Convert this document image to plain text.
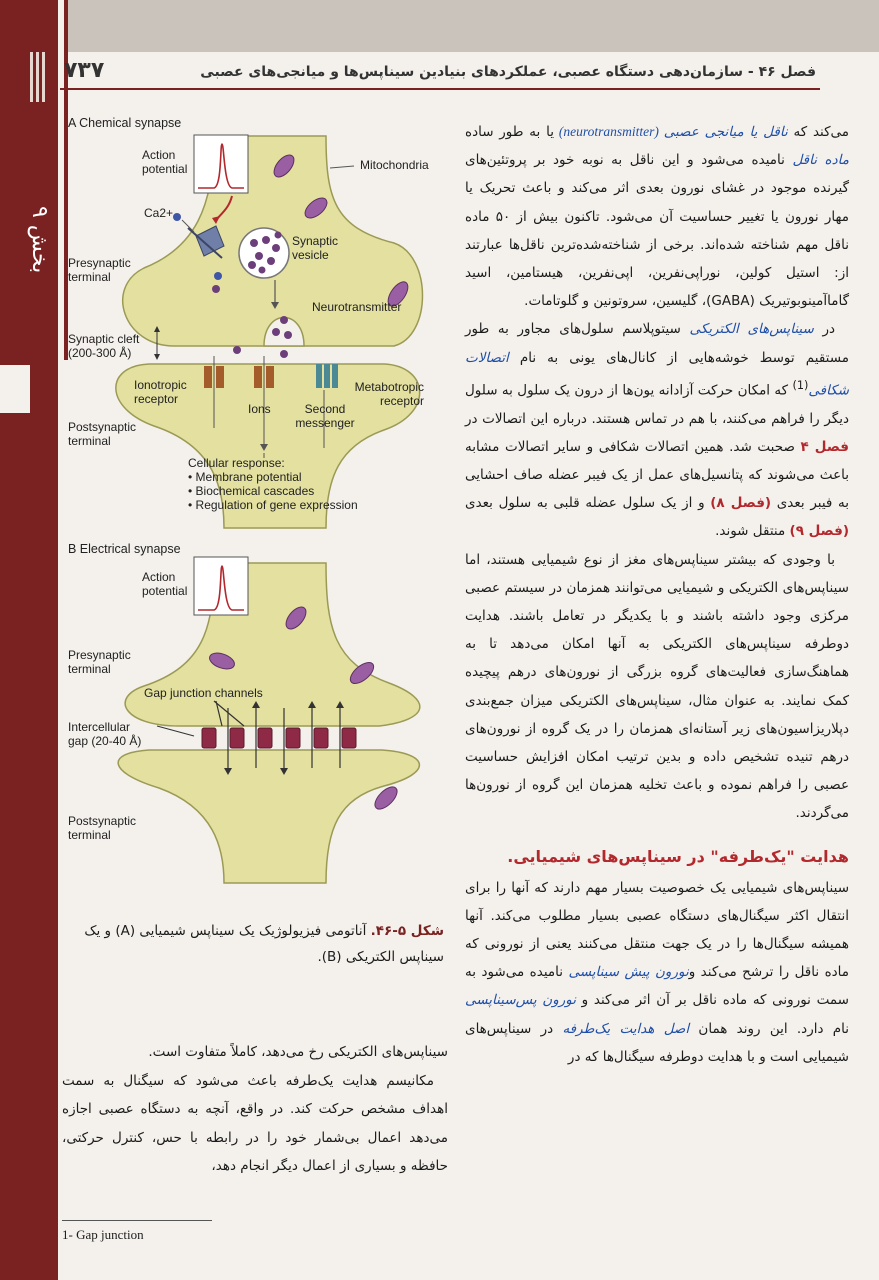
بخش ۹
۷۳۷	فصل ۴۶ - سازمان‌دهی دستگاه عصبی، عملکردهای بنیادین سیناپس‌ها و میانجی‌های عصبی
A Chemical synapse
Action potential
Ca2+
Mitochondria
Synaptic vesicle
Presynaptic terminal
Neurotransmitter
Synaptic cleft
(200-300 Å)
Ionotropic receptor
Metabotropic receptor
Ions	Second messenger
Postsynaptic terminal
Cellular response:
• Membrane potential
• Biochemical cascades
• Regulation of gene expression
B Electrical synapse
Action potential
Presynaptic terminal
Gap junction channels
Intercellular
gap (20-40 Å)
Postsynaptic terminal
شکل ۵-۴۶. آناتومی فیزیولوژیک یک سیناپس شیمیایی (A) و یک سیناپس الکتریکی (B).
سیناپس‌های الکتریکی رخ می‌دهد، کاملاً متفاوت است.
مکانیسم هدایت یک‌طرفه باعث می‌شود که سیگنال به سمت اهداف مشخص حرکت کند. در واقع، آنچه به دستگاه عصبی اجازه می‌دهد اعمال بی‌شمار خود را در رابطه با حس، کنترل حرکتی، حافظه و بسیاری از اعمال دیگر انجام دهد،
1- Gap junction

می‌کند که ناقل یا میانجی عصبی (neurotransmitter) یا به طور ساده ماده ناقل نامیده می‌شود و این ناقل به نوبه خود بر پروتئین‌های گیرنده موجود در غشای نورون بعدی اثر می‌کند و باعث تحریک یا مهار نورون یا تغییر حساسیت آن می‌شود. تاکنون بیش از ۵۰ ماده ناقل مهم شناخته شده‌اند. برخی از شناخته‌شده‌ترین ناقل‌ها عبارتند از: استیل کولین، نوراپی‌نفرین، اپی‌نفرین، هیستامین، اسید گاماآمینوبوتیریک (GABA)، گلیسین، سروتونین و گلوتامات.

در سیناپس‌های الکتریکی سیتوپلاسم سلول‌های مجاور به طور مستقیم توسط خوشه‌هایی از کانال‌های یونی به نام اتصالات شکافی$^{(1)}$ که امکان حرکت آزادانه یون‌ها از درون یک سلول به سلول دیگر را فراهم می‌کنند، با هم در تماس هستند. درباره این اتصالات در فصل ۴ صحبت شد. همین اتصالات شکافی و سایر اتصالات مشابه باعث می‌شوند که پتانسیل‌های عمل از یک فیبر عضله صاف احشایی به فیبر بعدی (فصل ۸) و از یک سلول عضله قلبی به سلول بعدی (فصل ۹) منتقل شوند.

با وجودی که بیشتر سیناپس‌های مغز از نوع شیمیایی هستند، اما سیناپس‌های الکتریکی و شیمیایی می‌توانند همزمان در سیستم عصبی مرکزی وجود داشته باشند و با یکدیگر در تعامل باشند. هدایت دوطرفه سیناپس‌های الکتریکی به آنها امکان می‌دهد تا به هماهنگ‌سازی فعالیت‌های گروه بزرگی از نورون‌های درهم پیچیده کمک نمایند. به عنوان مثال، سیناپس‌های الکتریکی میزان جمع‌بندی دپلاریزاسیون‌های زیر آستانه‌ای همزمان را در یک گروه از نورون‌های درهم تنیده تشخیص داده و بدین ترتیب امکان افزایش حساسیت عصبی را فراهم نموده و باعث تخلیه همزمان این گروه از نورون‌ها می‌گردند.

هدایت "یک‌طرفه" در سیناپس‌های شیمیایی.

سیناپس‌های شیمیایی یک خصوصیت بسیار مهم دارند که آنها را برای انتقال اکثر سیگنال‌های دستگاه عصبی بسیار مطلوب می‌کند. آنها همیشه سیگنال‌ها را در یک جهت منتقل می‌کنند یعنی از نورونی که ماده ناقل را ترشح می‌کند ونورون پیش سیناپسی نامیده می‌شود به سمت نورونی که ماده ناقل بر آن اثر می‌کند و نورون پس‌سیناپسی نام دارد. این روند همان اصل هدایت یک‌طرفه در سیناپس‌های شیمیایی است و با هدایت دوطرفه سیگنال‌ها که در
